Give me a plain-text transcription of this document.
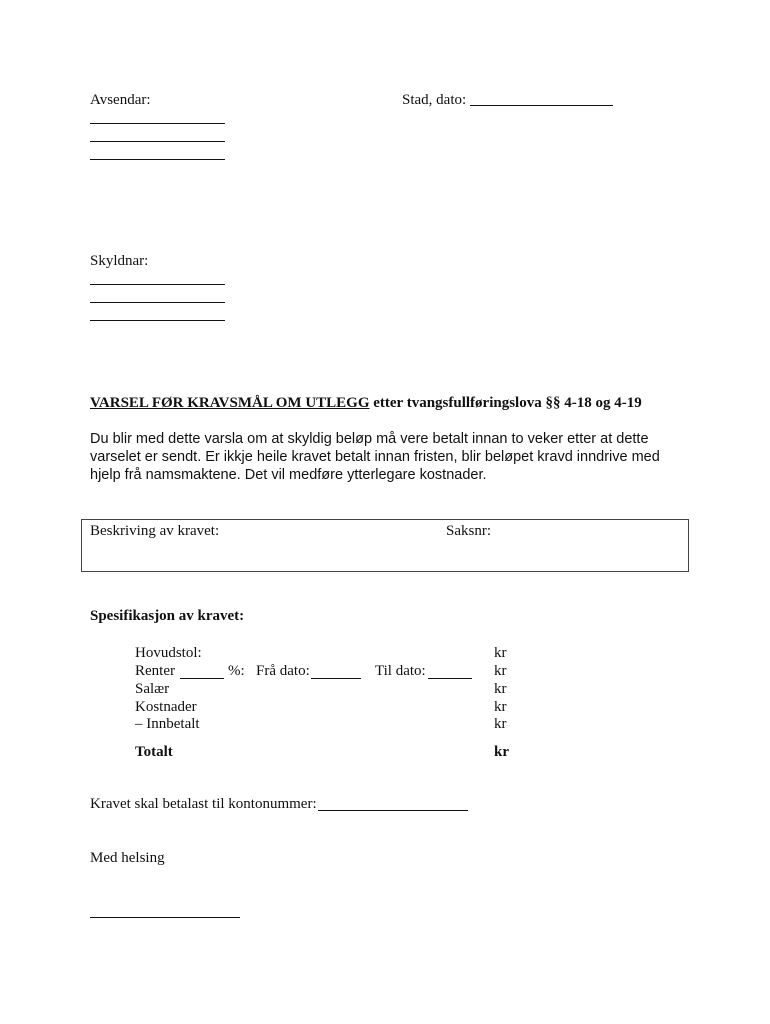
Avsendar:	Stad, dato:
Skyldnar:
VARSEL FØR KRAVSMÅL OM UTLEGG etter tvangsfullføringslova §§ 4-18 og 4-19
Du blir med dette varsla om at skyldig beløp må vere betalt innan to veker etter at dette varselet er sendt. Er ikkje heile kravet betalt innan fristen, blir beløpet kravd inndrive med hjelp frå namsmaktene. Det vil medføre ytterlegare kostnader.
Beskriving av kravet:	Saksnr:
Spesifikasjon av kravet:
Hovudstol:	kr
Renter	%: Frå dato:	Til dato:	kr
Salær	kr
Kostnader	kr
– Innbetalt	kr
Totalt	kr
Kravet skal betalast til kontonummer:
Med helsing
